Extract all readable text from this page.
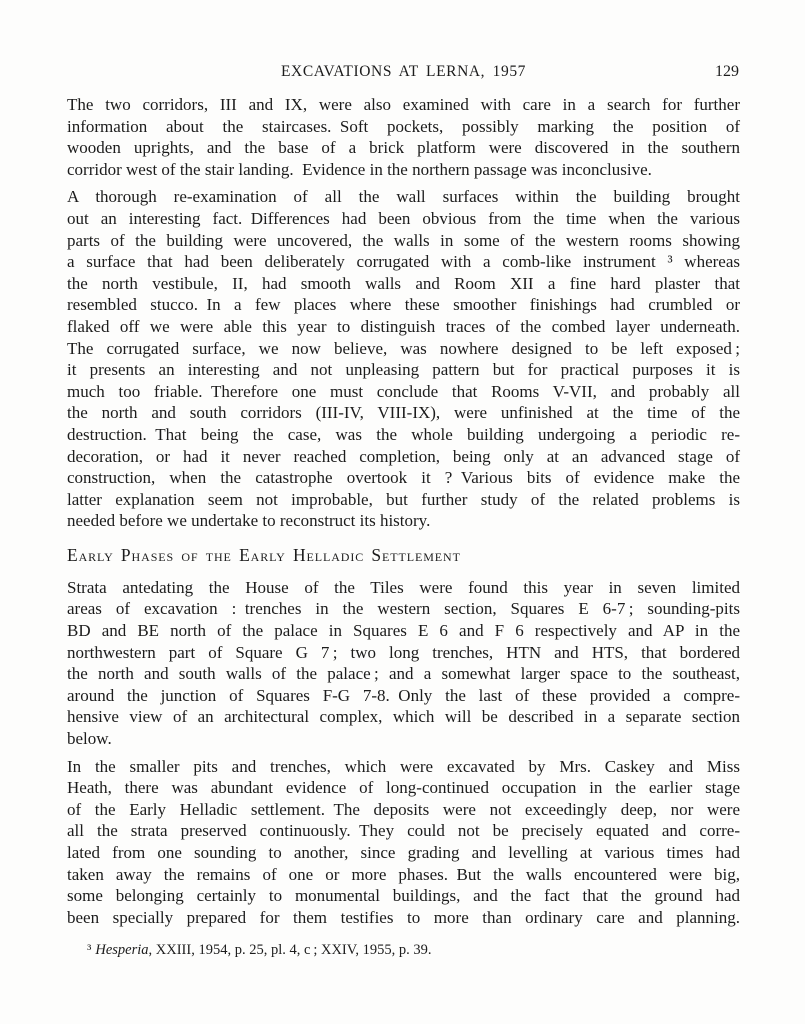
EXCAVATIONS AT LERNA, 1957	129
The two corridors, III and IX, were also examined with care in a search for further
information about the staircases. Soft pockets, possibly marking the position of
wooden uprights, and the base of a brick platform were discovered in the southern
corridor west of the stair landing. Evidence in the northern passage was inconclusive.
A thorough re-examination of all the wall surfaces within the building brought
out an interesting fact. Differences had been obvious from the time when the various
parts of the building were uncovered, the walls in some of the western rooms showing
a surface that had been deliberately corrugated with a comb-like instrument ³ whereas
the north vestibule, II, had smooth walls and Room XII a fine hard plaster that
resembled stucco. In a few places where these smoother finishings had crumbled or
flaked off we were able this year to distinguish traces of the combed layer underneath.
The corrugated surface, we now believe, was nowhere designed to be left exposed ;
it presents an interesting and not unpleasing pattern but for practical purposes it is
much too friable. Therefore one must conclude that Rooms V-VII, and probably all
the north and south corridors (III-IV, VIII-IX), were unfinished at the time of the
destruction. That being the case, was the whole building undergoing a periodic re-
decoration, or had it never reached completion, being only at an advanced stage of
construction, when the catastrophe overtook it ? Various bits of evidence make the
latter explanation seem not improbable, but further study of the related problems is
needed before we undertake to reconstruct its history.
Early Phases of the Early Helladic Settlement
Strata antedating the House of the Tiles were found this year in seven limited
areas of excavation : trenches in the western section, Squares E 6-7 ; sounding-pits
BD and BE north of the palace in Squares E 6 and F 6 respectively and AP in the
northwestern part of Square G 7 ; two long trenches, HTN and HTS, that bordered
the north and south walls of the palace ; and a somewhat larger space to the southeast,
around the junction of Squares F-G 7-8. Only the last of these provided a compre-
hensive view of an architectural complex, which will be described in a separate section
below.
In the smaller pits and trenches, which were excavated by Mrs. Caskey and Miss
Heath, there was abundant evidence of long-continued occupation in the earlier stage
of the Early Helladic settlement. The deposits were not exceedingly deep, nor were
all the strata preserved continuously. They could not be precisely equated and corre-
lated from one sounding to another, since grading and levelling at various times had
taken away the remains of one or more phases. But the walls encountered were big,
some belonging certainly to monumental buildings, and the fact that the ground had
been specially prepared for them testifies to more than ordinary care and planning.
³ Hesperia, XXIII, 1954, p. 25, pl. 4, c ; XXIV, 1955, p. 39.
